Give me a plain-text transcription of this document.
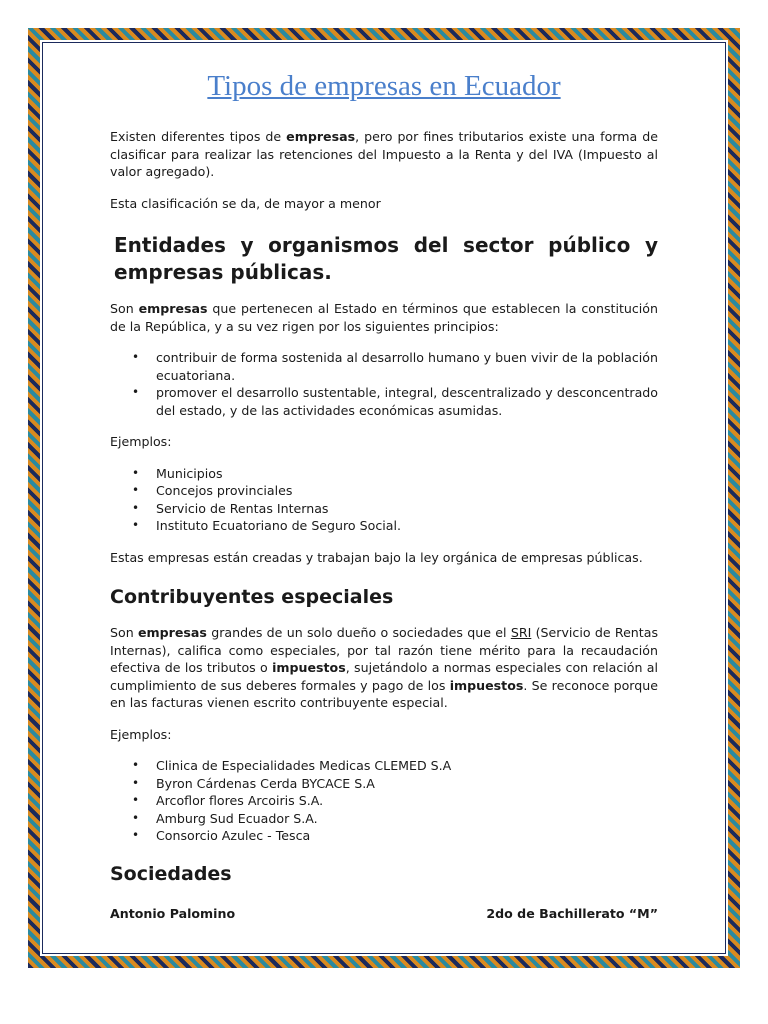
Tipos de empresas en Ecuador

Existen diferentes tipos de empresas, pero por fines tributarios existe una forma de clasificar para realizar las retenciones del Impuesto a la Renta y del IVA (Impuesto al valor agregado).

Esta clasificación se da, de mayor a menor

Entidades y organismos del sector público y empresas públicas.

Son empresas que pertenecen al Estado en términos que establecen la constitución de la República, y a su vez rigen por los siguientes principios:

• contribuir de forma sostenida al desarrollo humano y buen vivir de la población ecuatoriana.
• promover el desarrollo sustentable, integral, descentralizado y desconcentrado del estado, y de las actividades económicas asumidas.

Ejemplos:

• Municipios
• Concejos provinciales
• Servicio de Rentas Internas
• Instituto Ecuatoriano de Seguro Social.

Estas empresas están creadas y trabajan bajo la ley orgánica de empresas públicas.

Contribuyentes especiales

Son empresas grandes de un solo dueño o sociedades que el SRI (Servicio de Rentas Internas), califica como especiales, por tal razón tiene mérito para la recaudación efectiva de los tributos o impuestos, sujetándolo a normas especiales con relación al cumplimiento de sus deberes formales y pago de los impuestos. Se reconoce porque en las facturas vienen escrito contribuyente especial.

Ejemplos:

• Clinica de Especialidades Medicas CLEMED S.A
• Byron Cárdenas Cerda BYCACE S.A
• Arcoflor flores Arcoiris S.A.
• Amburg Sud Ecuador S.A.
• Consorcio Azulec - Tesca
Sociedades
Antonio Palomino	2do de Bachillerato “M”
